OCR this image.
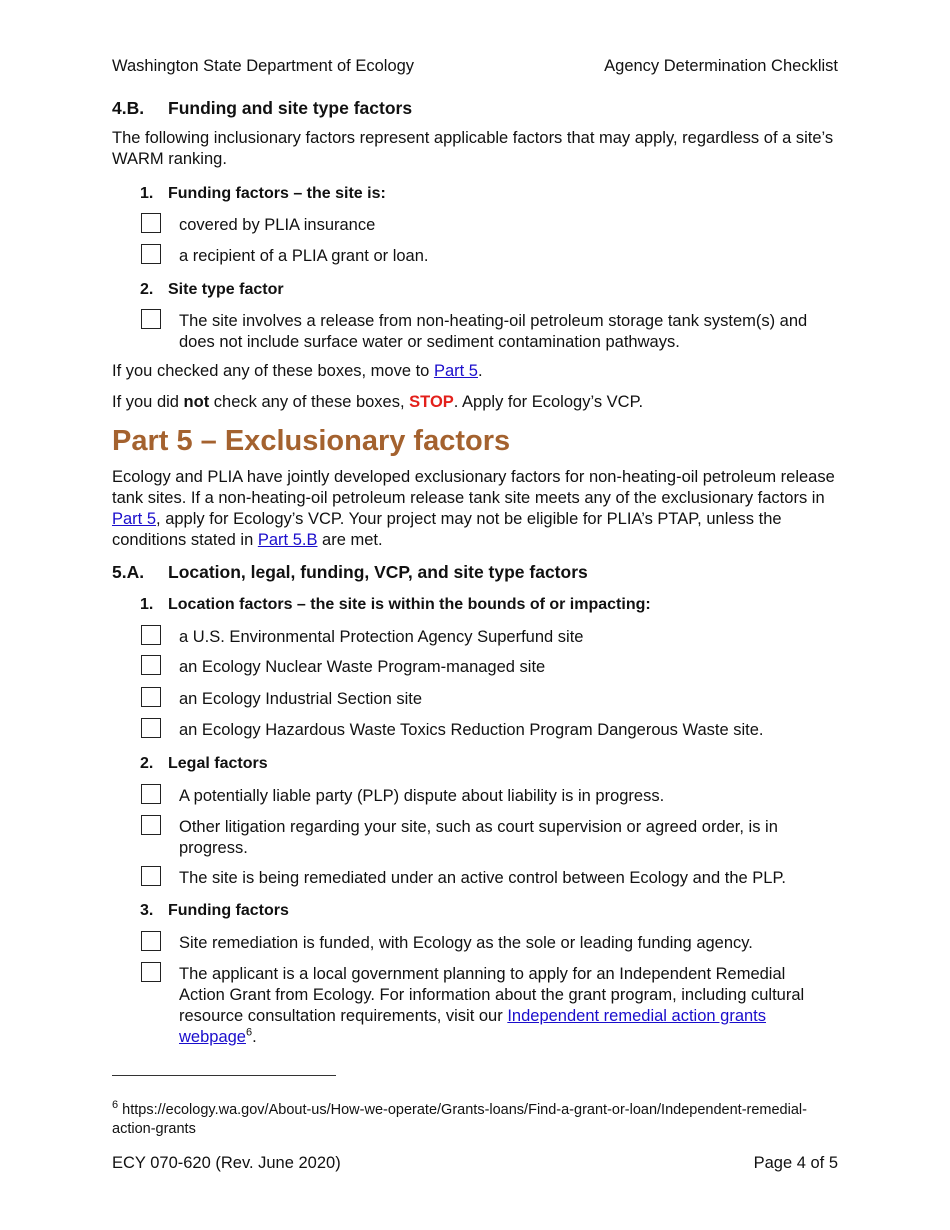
Washington State Department of Ecology	Agency Determination Checklist

4.B. Funding and site type factors

The following inclusionary factors represent applicable factors that may apply, regardless of a site’s WARM ranking.

1. Funding factors – the site is:

covered by PLIA insurance

a recipient of a PLIA grant or loan.

2. Site type factor

The site involves a release from non-heating-oil petroleum storage tank system(s) and does not include surface water or sediment contamination pathways.

If you checked any of these boxes, move to Part 5.

If you did not check any of these boxes, STOP. Apply for Ecology’s VCP.

Part 5 – Exclusionary factors

Ecology and PLIA have jointly developed exclusionary factors for non-heating-oil petroleum release tank sites. If a non-heating-oil petroleum release tank site meets any of the exclusionary factors in Part 5, apply for Ecology’s VCP. Your project may not be eligible for PLIA’s PTAP, unless the conditions stated in Part 5.B are met.

5.A. Location, legal, funding, VCP, and site type factors

1. Location factors – the site is within the bounds of or impacting:

a U.S. Environmental Protection Agency Superfund site

an Ecology Nuclear Waste Program-managed site

an Ecology Industrial Section site

an Ecology Hazardous Waste Toxics Reduction Program Dangerous Waste site.

2. Legal factors

A potentially liable party (PLP) dispute about liability is in progress.

Other litigation regarding your site, such as court supervision or agreed order, is in progress.

The site is being remediated under an active control between Ecology and the PLP.

3. Funding factors

Site remediation is funded, with Ecology as the sole or leading funding agency.

The applicant is a local government planning to apply for an Independent Remedial Action Grant from Ecology. For information about the grant program, including cultural resource consultation requirements, visit our Independent remedial action grants webpage$^6$.

$^6$ https://ecology.wa.gov/About-us/How-we-operate/Grants-loans/Find-a-grant-or-loan/Independent-remedial-action-grants

ECY 070-620 (Rev. June 2020)	Page 4 of 5
